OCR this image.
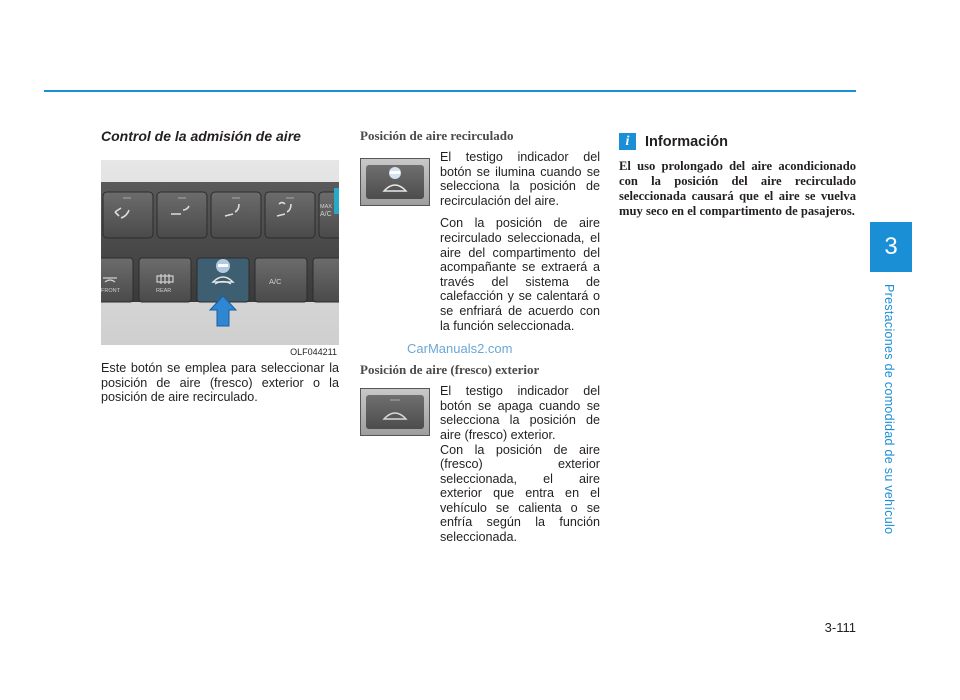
3
Prestaciones de comodidad de su vehículo
Control de la admisión de aire
MAX
A/C
FRONT	REAR
A/C
OLF044211

Este botón se emplea para seleccionar la posición de aire (fresco) exterior o la posición de aire recirculado.

Posición de aire recirculado

El testigo indicador del botón se ilumina cuando se selecciona la posición de recirculación del aire.

Con la posición de aire recirculado seleccionada, el aire del compartimento del acompañante se extraerá a través del sistema de calefacción y se calentará o se enfriará de acuerdo con la función seleccionada.

CarManuals2.com
Posición de aire (fresco) exterior

El testigo indicador del botón se apaga cuando se selecciona la posición de aire (fresco) exterior.

Con la posición de aire (fresco) exterior seleccionada, el aire exterior que entra en el vehículo se calienta o se enfría según la función seleccionada.

i	Información

El uso prolongado del aire acondicionado con la posición del aire recirculado seleccionada causará que el aire se vuelva muy seco en el compartimento de pasajeros.

3-111
